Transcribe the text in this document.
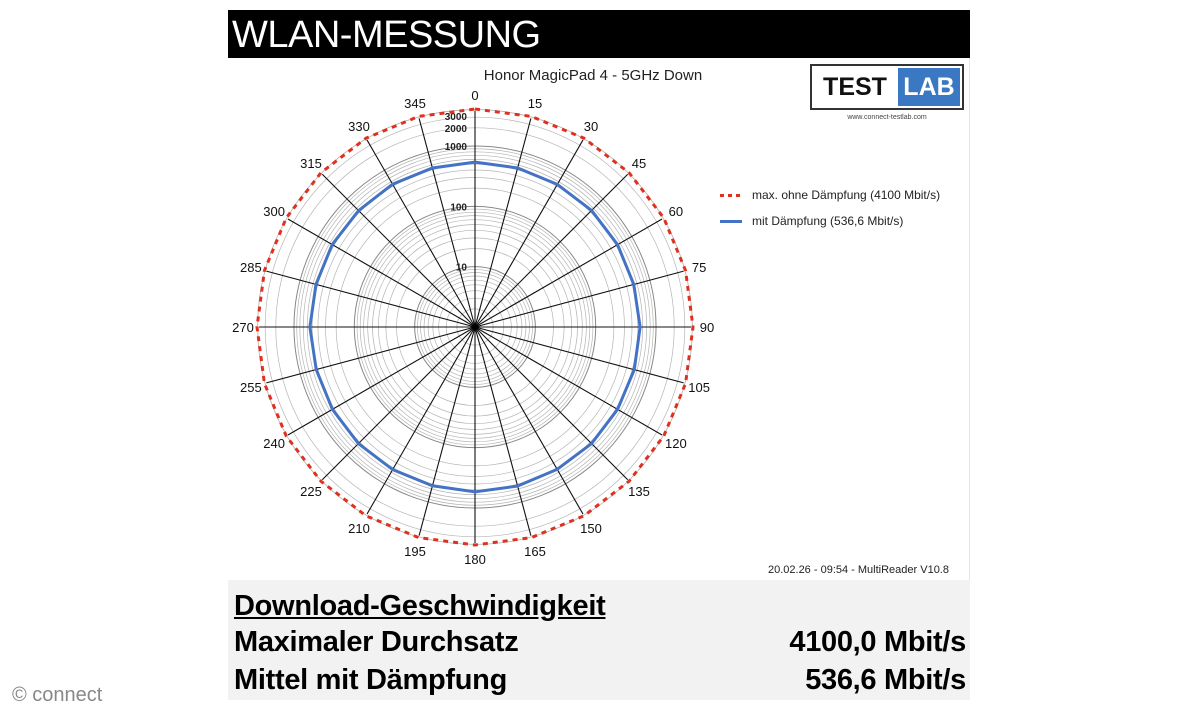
WLAN-MESSUNG
10
100
1000
2000
3000
0
15
30
45
60
75
90
105
120
135
150
165
180
195
210
225
240
255
270
285
300
315
330
345
Honor MagicPad 4 - 5GHz Down	TEST LAB
www.connect-testlab.com
max. ohne Dämpfung (4100 Mbit/s)
mit Dämpfung (536,6 Mbit/s)
20.02.26 - 09:54 - MultiReader V10.8
Download-Geschwindigkeit
Maximaler Durchsatz	4100,0 Mbit/s
Mittel mit Dämpfung	536,6 Mbit/s
© connect
